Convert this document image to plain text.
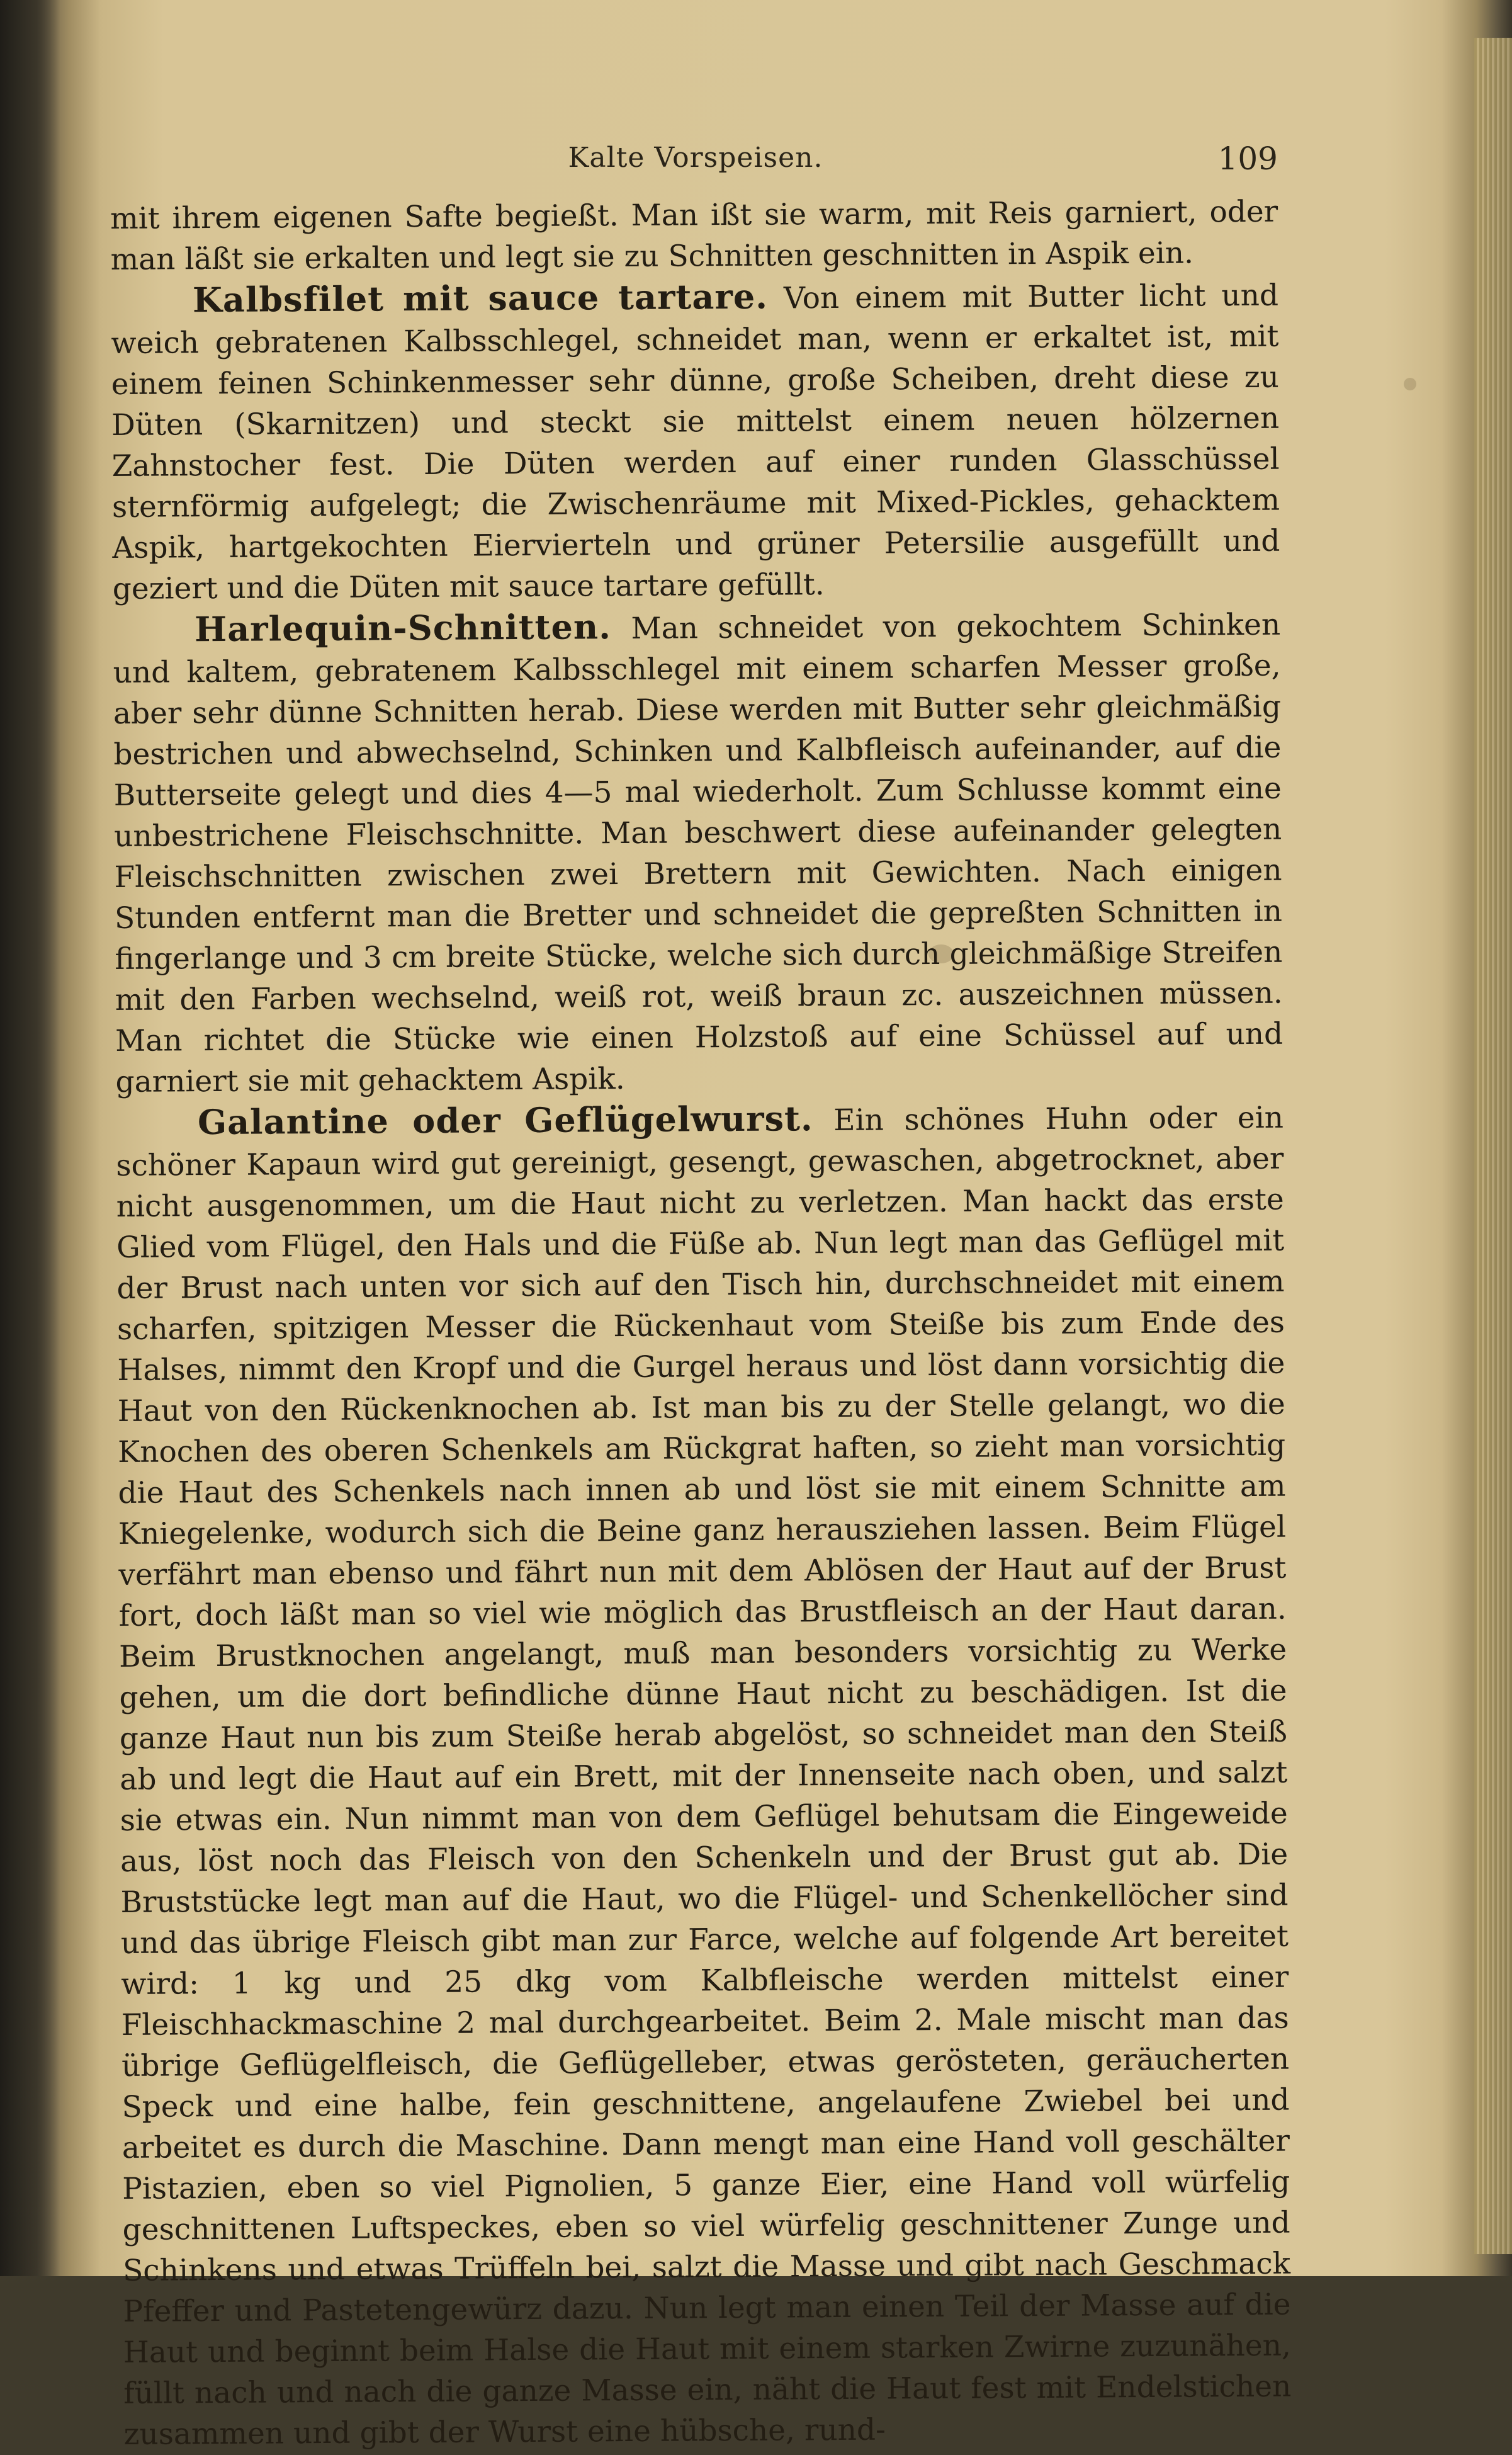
Kalte Vorspeisen.	109

mit ihrem eigenen Safte begießt. Man ißt sie warm, mit Reis garniert, oder man läßt sie erkalten und legt sie zu Schnitten geschnitten in Aspik ein.

Kalbsfilet mit sauce tartare. Von einem mit Butter licht und weich gebratenen Kalbsschlegel, schneidet man, wenn er erkaltet ist, mit einem feinen Schinkenmesser sehr dünne, große Scheiben, dreht diese zu Düten (Skarnitzen) und steckt sie mittelst einem neuen hölzernen Zahnstocher fest. Die Düten werden auf einer runden Glasschüssel sternförmig aufgelegt; die Zwischenräume mit Mixed-Pickles, gehacktem Aspik, hartgekochten Eiervierteln und grüner Petersilie ausgefüllt und geziert und die Düten mit sauce tartare gefüllt.

Harlequin-Schnitten. Man schneidet von gekochtem Schinken und kaltem, gebratenem Kalbsschlegel mit einem scharfen Messer große, aber sehr dünne Schnitten herab. Diese werden mit Butter sehr gleichmäßig bestrichen und abwechselnd, Schinken und Kalbfleisch aufeinander, auf die Butterseite gelegt und dies 4—5 mal wiederholt. Zum Schlusse kommt eine unbestrichene Fleischschnitte. Man beschwert diese aufeinander gelegten Fleischschnitten zwischen zwei Brettern mit Gewichten. Nach einigen Stunden entfernt man die Bretter und schneidet die gepreßten Schnitten in fingerlange und 3 cm breite Stücke, welche sich durch gleichmäßige Streifen mit den Farben wechselnd, weiß rot, weiß braun zc. auszeichnen müssen. Man richtet die Stücke wie einen Holzstoß auf eine Schüssel auf und garniert sie mit gehacktem Aspik.

Galantine oder Geflügelwurst. Ein schönes Huhn oder ein schöner Kapaun wird gut gereinigt, gesengt, gewaschen, abgetrocknet, aber nicht ausgenommen, um die Haut nicht zu verletzen. Man hackt das erste Glied vom Flügel, den Hals und die Füße ab. Nun legt man das Geflügel mit der Brust nach unten vor sich auf den Tisch hin, durchschneidet mit einem scharfen, spitzigen Messer die Rückenhaut vom Steiße bis zum Ende des Halses, nimmt den Kropf und die Gurgel heraus und löst dann vorsichtig die Haut von den Rückenknochen ab. Ist man bis zu der Stelle gelangt, wo die Knochen des oberen Schenkels am Rückgrat haften, so zieht man vorsichtig die Haut des Schenkels nach innen ab und löst sie mit einem Schnitte am Kniegelenke, wodurch sich die Beine ganz herausziehen lassen. Beim Flügel verfährt man ebenso und fährt nun mit dem Ablösen der Haut auf der Brust fort, doch läßt man so viel wie möglich das Brustfleisch an der Haut daran. Beim Brustknochen angelangt, muß man besonders vorsichtig zu Werke gehen, um die dort befindliche dünne Haut nicht zu beschädigen. Ist die ganze Haut nun bis zum Steiße herab abgelöst, so schneidet man den Steiß ab und legt die Haut auf ein Brett, mit der Innenseite nach oben, und salzt sie etwas ein. Nun nimmt man von dem Geflügel behutsam die Eingeweide aus, löst noch das Fleisch von den Schenkeln und der Brust gut ab. Die Bruststücke legt man auf die Haut, wo die Flügel- und Schenkellöcher sind und das übrige Fleisch gibt man zur Farce, welche auf folgende Art bereitet wird: 1 kg und 25 dkg vom Kalbfleische werden mittelst einer Fleischhackmaschine 2 mal durchgearbeitet. Beim 2. Male mischt man das übrige Geflügelfleisch, die Geflügelleber, etwas gerösteten, geräucherten Speck und eine halbe, fein geschnittene, angelaufene Zwiebel bei und arbeitet es durch die Maschine. Dann mengt man eine Hand voll geschälter Pistazien, eben so viel Pignolien, 5 ganze Eier, eine Hand voll würfelig geschnittenen Luftspeckes, eben so viel würfelig geschnittener Zunge und Schinkens und etwas Trüffeln bei, salzt die Masse und gibt nach Geschmack Pfeffer und Pastetengewürz dazu. Nun legt man einen Teil der Masse auf die Haut und beginnt beim Halse die Haut mit einem starken Zwirne zuzunähen, füllt nach und nach die ganze Masse ein, näht die Haut fest mit Endelstichen zusammen und gibt der Wurst eine hübsche, rund-
